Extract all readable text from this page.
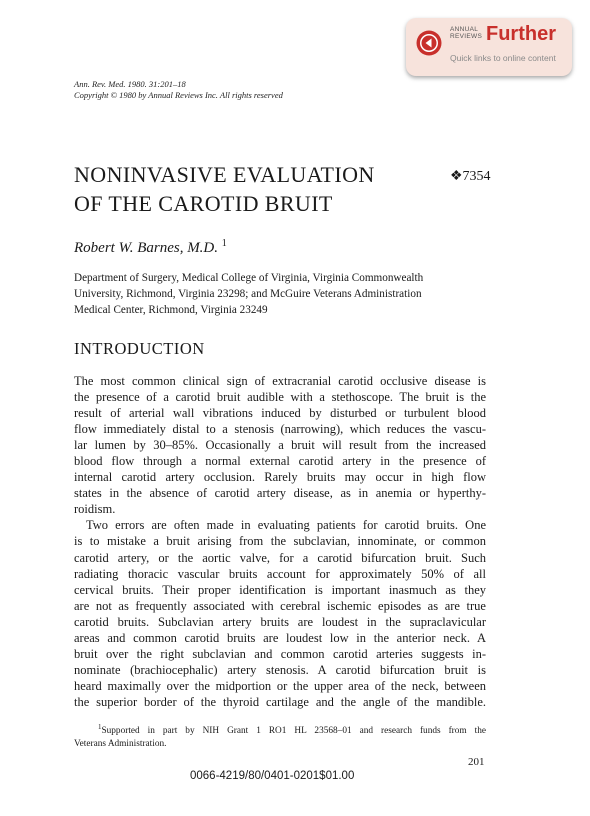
ANNUAL
REVIEWS Further
Quick links to online content
Ann. Rev. Med. 1980. 31:201–18
Copyright © 1980 by Annual Reviews Inc. All rights reserved
NONINVASIVE EVALUATION
OF THE CAROTID BRUIT
❖7354
Robert W. Barnes, M.D. $^1$
Department of Surgery, Medical College of Virginia, Virginia Commonwealth
University, Richmond, Virginia 23298; and McGuire Veterans Administration
Medical Center, Richmond, Virginia 23249
INTRODUCTION
The most common clinical sign of extracranial carotid occlusive disease is
the presence of a carotid bruit audible with a stethoscope. The bruit is the
result of arterial wall vibrations induced by disturbed or turbulent blood
flow immediately distal to a stenosis (narrowing), which reduces the vascu-
lar lumen by 30–85%. Occasionally a bruit will result from the increased
blood flow through a normal external carotid artery in the presence of
internal carotid artery occlusion. Rarely bruits may occur in high flow
states in the absence of carotid artery disease, as in anemia or hyperthy-
roidism.
Two errors are often made in evaluating patients for carotid bruits. One
is to mistake a bruit arising from the subclavian, innominate, or common
carotid artery, or the aortic valve, for a carotid bifurcation bruit. Such
radiating thoracic vascular bruits account for approximately 50% of all
cervical bruits. Their proper identification is important inasmuch as they
are not as frequently associated with cerebral ischemic episodes as are true
carotid bruits. Subclavian artery bruits are loudest in the supraclavicular
areas and common carotid bruits are loudest low in the anterior neck. A
bruit over the right subclavian and common carotid arteries suggests in-
nominate (brachiocephalic) artery stenosis. A carotid bifurcation bruit is
heard maximally over the midportion or the upper area of the neck, between
the superior border of the thyroid cartilage and the angle of the mandible.
$^1$Supported in part by NIH Grant 1 RO1 HL 23568–01 and research funds from the
Veterans Administration.
201
0066-4219/80/0401-0201$01.00
